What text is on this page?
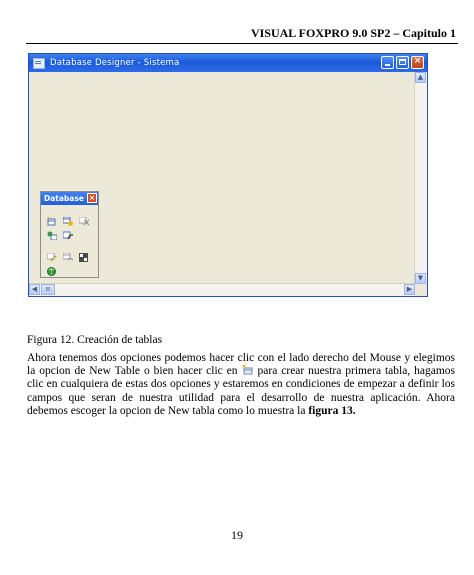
VISUAL FOXPRO 9.0 SP2 – Capitulo 1
Database Designer - Sistema	×
▲
▼
◀	≡	▶
Database ×
Figura 12. Creación de tablas
Ahora tenemos dos opciones podemos hacer clic con el lado derecho del Mouse y elegimos la opcion de New Table o bien hacer clic en para crear nuestra primera tabla, hagamos clic en cualquiera de estas dos opciones y estaremos en condiciones de empezar a definir los campos que seran de nuestra utilidad para el desarrollo de nuestra aplicación. Ahora debemos escoger la opcion de New tabla como lo muestra la figura 13.
19
